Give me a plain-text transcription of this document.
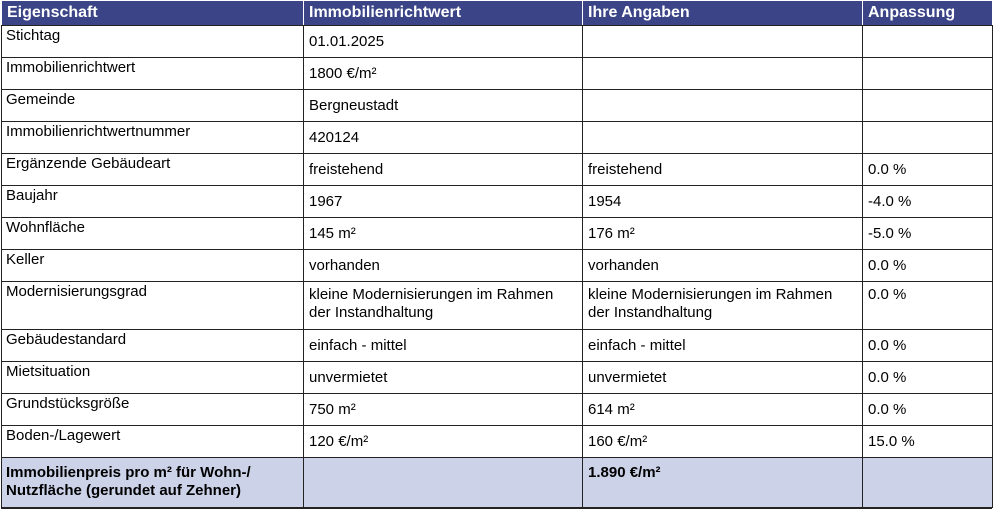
Eigenschaft	Immobilienrichtwert	Ihre Angaben	Anpassung
Stichtag	01.01.2025		
Immobilienrichtwert	1800 €/m²		
Gemeinde	Bergneustadt		
Immobilienrichtwertnummer	420124		
Ergänzende Gebäudeart	freistehend	freistehend	0.0 %
Baujahr	1967	1954	-4.0 %
Wohnfläche	145 m²	176 m²	-5.0 %
Keller	vorhanden	vorhanden	0.0 %
Modernisierungsgrad	kleine Modernisierungen im Rahmen der Instandhaltung	kleine Modernisierungen im Rahmen der Instandhaltung	0.0 %
Gebäudestandard	einfach - mittel	einfach - mittel	0.0 %
Mietsituation	unvermietet	unvermietet	0.0 %
Grundstücksgröße	750 m²	614 m²	0.0 %
Boden-/Lagewert	120 €/m²	160 €/m²	15.0 %
Immobilienpreis pro m² für Wohn-/ Nutzfläche (gerundet auf Zehner)		1.890 €/m²	
